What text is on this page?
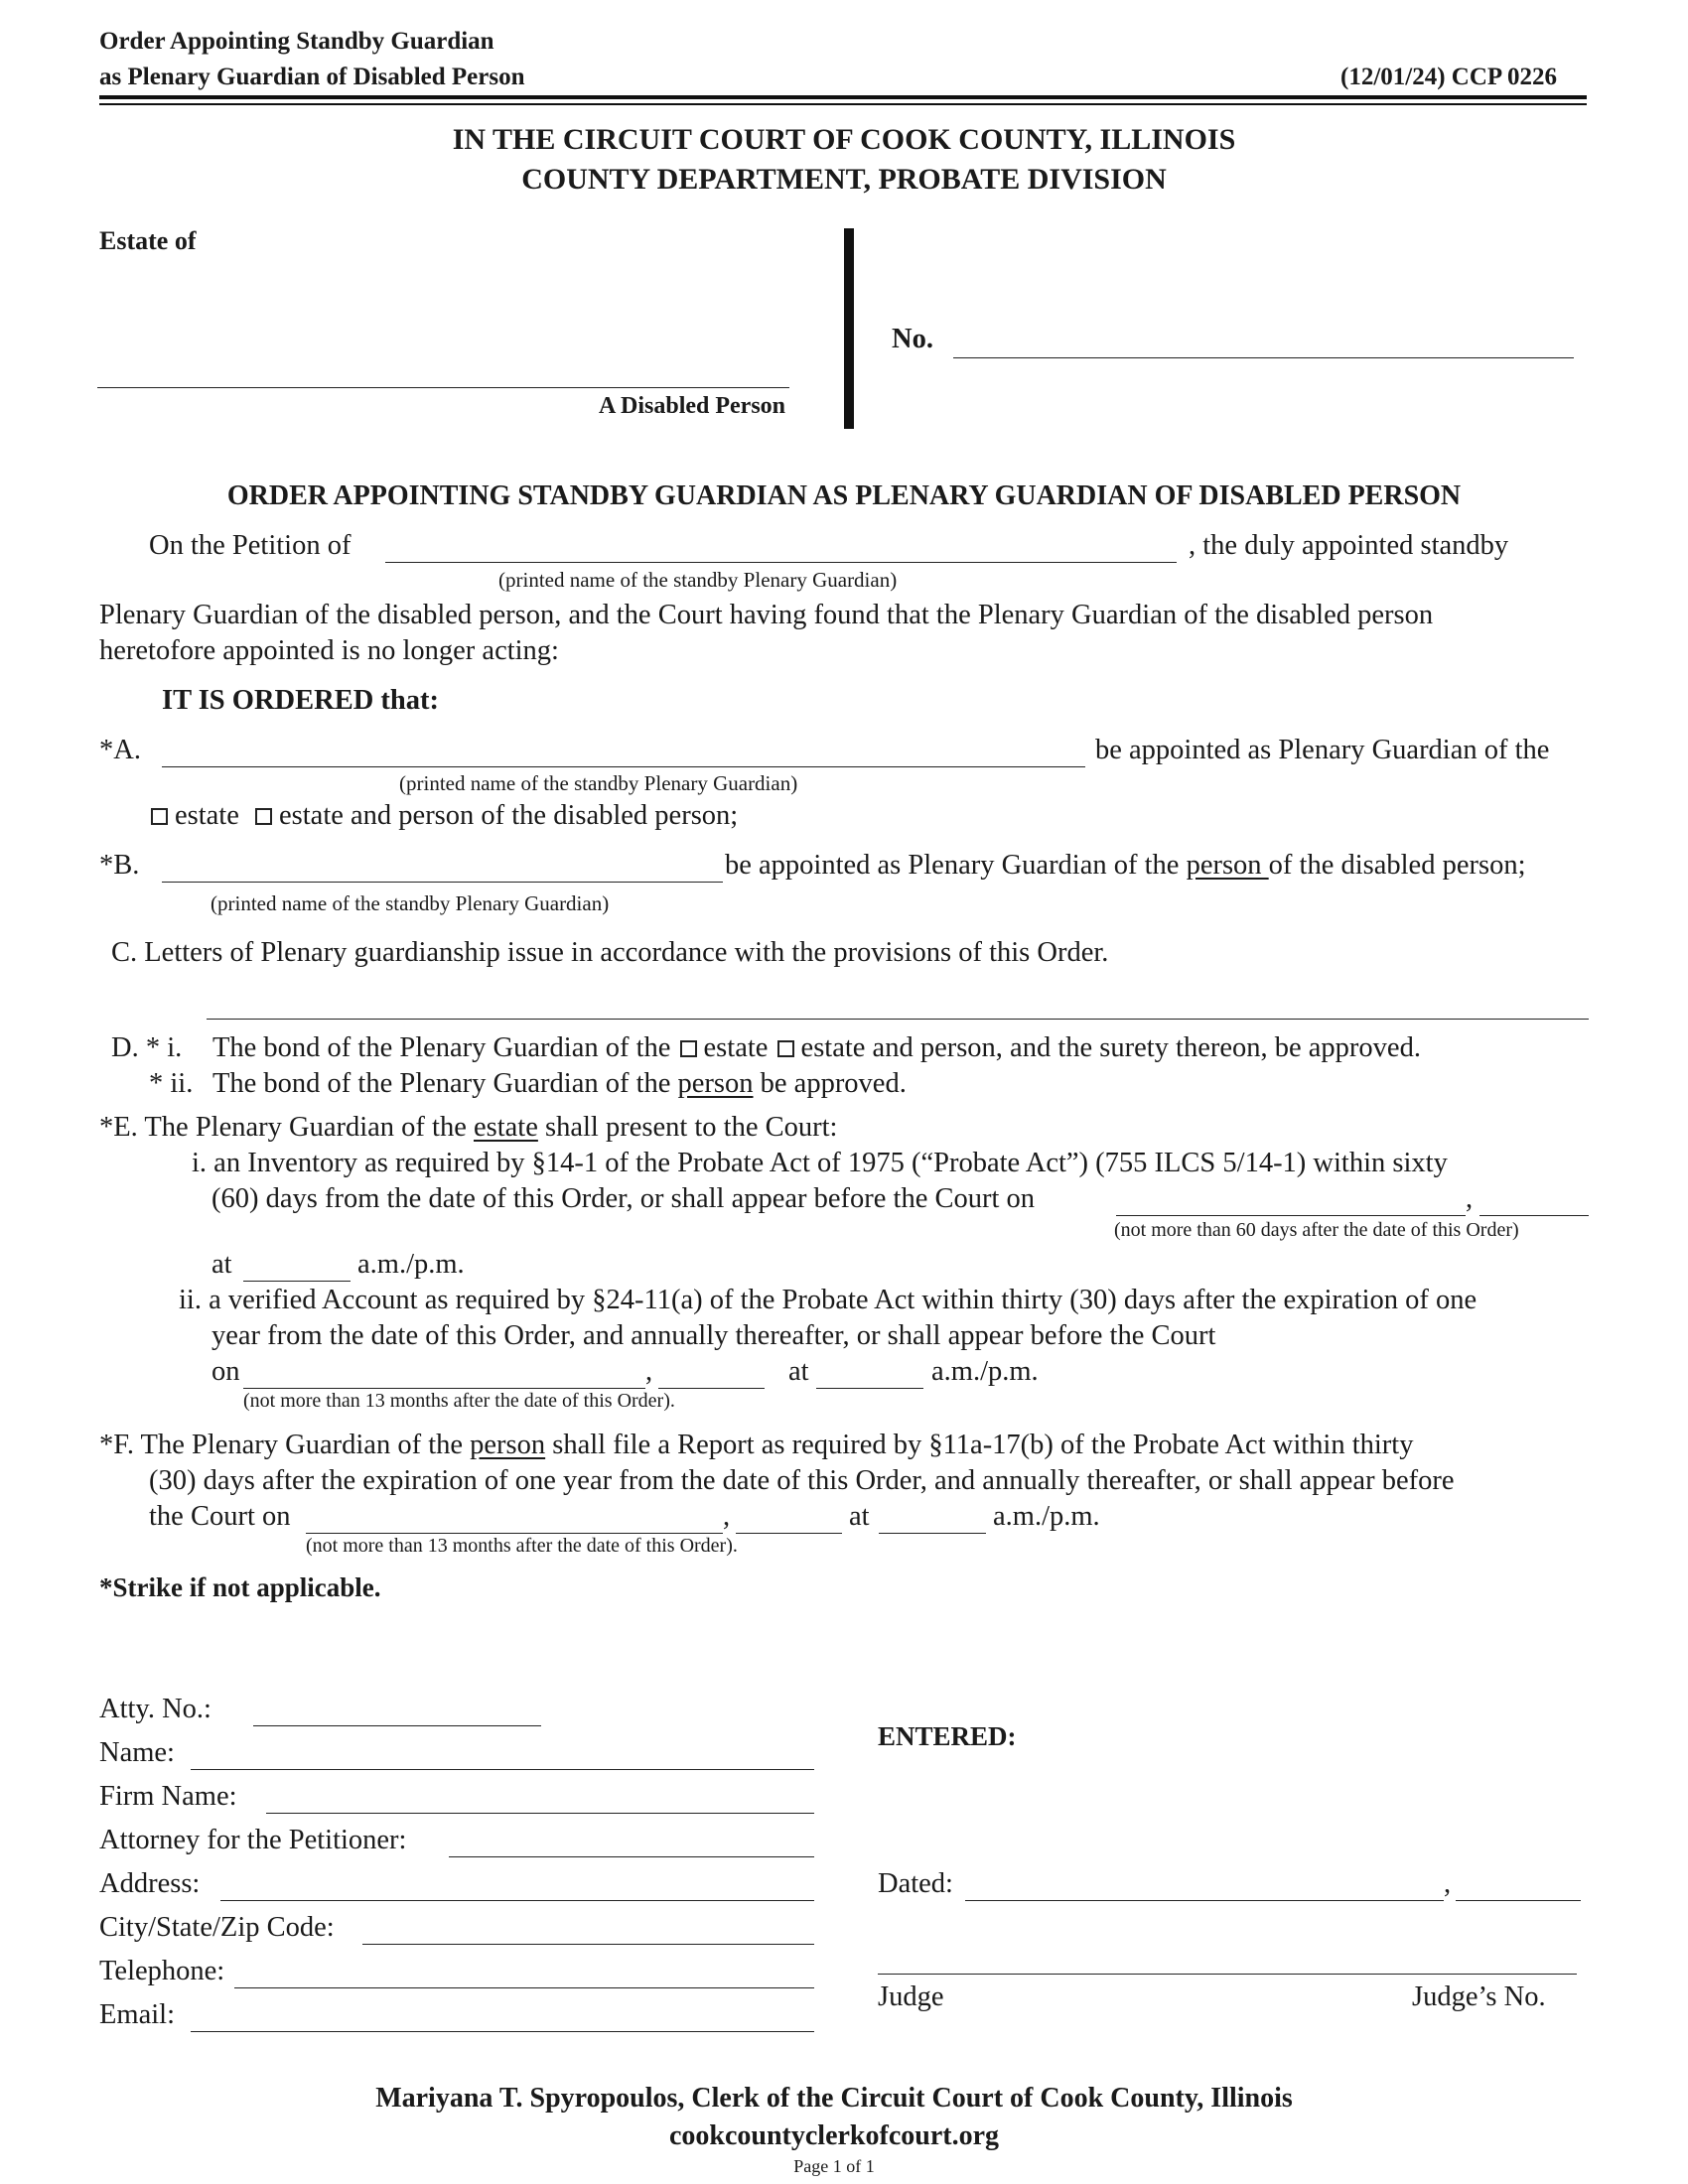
Order Appointing Standby Guardian
as Plenary Guardian of Disabled Person	(12/01/24) CCP 0226
IN THE CIRCUIT COURT OF COOK COUNTY, ILLINOIS
COUNTY DEPARTMENT, PROBATE DIVISION
Estate of
A Disabled Person
No.
ORDER APPOINTING STANDBY GUARDIAN AS PLENARY GUARDIAN OF DISABLED PERSON
On the Petition of	, the duly appointed standby
(printed name of the standby Plenary Guardian)
Plenary Guardian of the disabled person, and the Court having found that the Plenary Guardian of the disabled person
heretofore appointed is no longer acting:
IT IS ORDERED that:
*A.	be appointed as Plenary Guardian of the
(printed name of the standby Plenary Guardian)
estate estate and person of the disabled person;
*B.	be appointed as Plenary Guardian of the person of the disabled person;
(printed name of the standby Plenary Guardian)
C. Letters of Plenary guardianship issue in accordance with the provisions of this Order.
D. * i. The bond of the Plenary Guardian of the estate estate and person, and the surety thereon, be approved.
* ii. The bond of the Plenary Guardian of the person be approved.
*E. The Plenary Guardian of the estate shall present to the Court:
i. an Inventory as required by §14-1 of the Probate Act of 1975 (“Probate Act”) (755 ILCS 5/14-1) within sixty
(60) days from the date of this Order, or shall appear before the Court on	,
(not more than 60 days after the date of this Order)
at	a.m./p.m.
ii. a verified Account as required by §24-11(a) of the Probate Act within thirty (30) days after the expiration of one
year from the date of this Order, and annually thereafter, or shall appear before the Court
on	,	at	a.m./p.m.
(not more than 13 months after the date of this Order).
*F. The Plenary Guardian of the person shall file a Report as required by §11a-17(b) of the Probate Act within thirty
(30) days after the expiration of one year from the date of this Order, and annually thereafter, or shall appear before
the Court on	,	at	a.m./p.m.
(not more than 13 months after the date of this Order).
*Strike if not applicable.
Atty. No.:
Name:
Firm Name:
Attorney for the Petitioner:
Address:
City/State/Zip Code:
Telephone:
Email:
ENTERED:
Dated:	,
Judge	Judge’s No.
Mariyana T. Spyropoulos, Clerk of the Circuit Court of Cook County, Illinois
cookcountyclerkofcourt.org
Page 1 of 1
